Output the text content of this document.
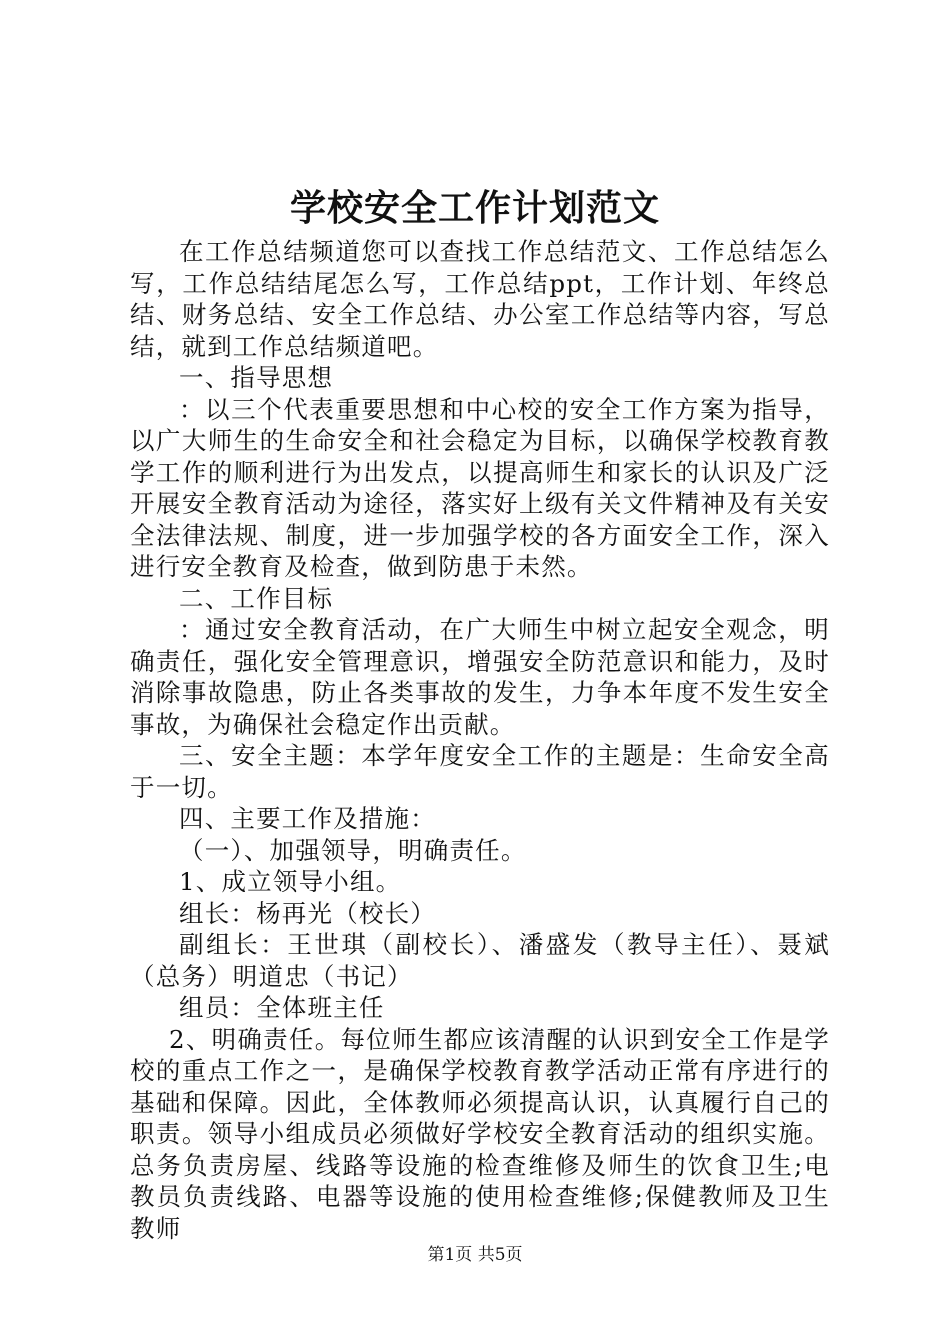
学校安全工作计划范文

在工作总结频道您可以查找工作总结范文、工作总结怎么写，工作总结结尾怎么写，工作总结ppt，工作计划、年终总结、财务总结、安全工作总结、办公室工作总结等内容，写总结，就到工作总结频道吧。

一、指导思想

：以三个代表重要思想和中心校的安全工作方案为指导，以广大师生的生命安全和社会稳定为目标，以确保学校教育教学工作的顺利进行为出发点，以提高师生和家长的认识及广泛开展安全教育活动为途径，落实好上级有关文件精神及有关安全法律法规、制度，进一步加强学校的各方面安全工作，深入进行安全教育及检查，做到防患于未然。

二、工作目标

：通过安全教育活动，在广大师生中树立起安全观念，明确责任，强化安全管理意识，增强安全防范意识和能力，及时消除事故隐患，防止各类事故的发生，力争本年度不发生安全事故，为确保社会稳定作出贡献。

三、安全主题：本学年度安全工作的主题是：生命安全高于一切。

四、主要工作及措施：

（一）、加强领导，明确责任。

1、成立领导小组。

组长：杨再光（校长）

副组长：王世琪（副校长）、潘盛发（教导主任）、聂斌（总务）明道忠（书记）

组员：全体班主任

2、明确责任。每位师生都应该清醒的认识到安全工作是学校的重点工作之一，是确保学校教育教学活动正常有序进行的基础和保障。因此，全体教师必须提高认识，认真履行自己的职责。领导小组成员必须做好学校安全教育活动的组织实施。总务负责房屋、线路等设施的检查维修及师生的饮食卫生;电教员负责线路、电器等设施的使用检查维修;保健教师及卫生教师

第1页 共5页
